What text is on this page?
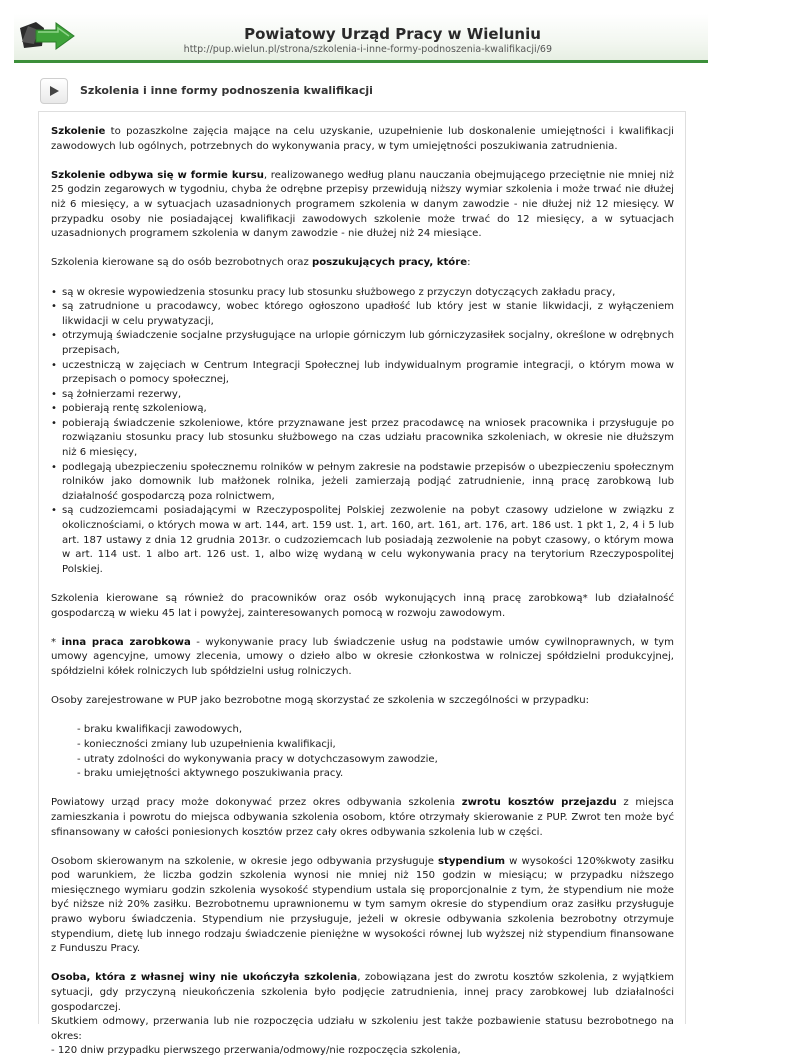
Powiatowy Urząd Pracy w Wieluniu
http://pup.wielun.pl/strona/szkolenia-i-inne-formy-podnoszenia-kwalifikacji/69
Szkolenia i inne formy podnoszenia kwalifikacji

Szkolenie to pozaszkolne zajęcia mające na celu uzyskanie, uzupełnienie lub doskonalenie umiejętności i kwalifikacji zawodowych lub ogólnych, potrzebnych do wykonywania pracy, w tym umiejętności poszukiwania zatrudnienia.

Szkolenie odbywa się w formie kursu, realizowanego według planu nauczania obejmującego przeciętnie nie mniej niż 25 godzin zegarowych w tygodniu, chyba że odrębne przepisy przewidują niższy wymiar szkolenia i może trwać nie dłużej niż 6 miesięcy, a w sytuacjach uzasadnionych programem szkolenia w danym zawodzie - nie dłużej niż 12 miesięcy. W przypadku osoby nie posiadającej kwalifikacji zawodowych szkolenie może trwać do 12 miesięcy, a w sytuacjach uzasadnionych programem szkolenia w danym zawodzie - nie dłużej niż 24 miesiące.

Szkolenia kierowane są do osób bezrobotnych oraz poszukujących pracy, które:

• są w okresie wypowiedzenia stosunku pracy lub stosunku służbowego z przyczyn dotyczących zakładu pracy,
• są zatrudnione u pracodawcy, wobec którego ogłoszono upadłość lub który jest w stanie likwidacji, z wyłączeniem likwidacji w celu prywatyzacji,
• otrzymują świadczenie socjalne przysługujące na urlopie górniczym lub górniczyzasiłek socjalny, określone w odrębnych przepisach,
• uczestniczą w zajęciach w Centrum Integracji Społecznej lub indywidualnym programie integracji, o którym mowa w przepisach o pomocy społecznej,
• są żołnierzami rezerwy,
• pobierają rentę szkoleniową,
• pobierają świadczenie szkoleniowe, które przyznawane jest przez pracodawcę na wniosek pracownika i przysługuje po rozwiązaniu stosunku pracy lub stosunku służbowego na czas udziału pracownika szkoleniach, w okresie nie dłuższym niż 6 miesięcy,
• podlegają ubezpieczeniu społecznemu rolników w pełnym zakresie na podstawie przepisów o ubezpieczeniu społecznym rolników jako domownik lub małżonek rolnika, jeżeli zamierzają podjąć zatrudnienie, inną pracę zarobkową lub działalność gospodarczą poza rolnictwem,
• są cudzoziemcami posiadającymi w Rzeczypospolitej Polskiej zezwolenie na pobyt czasowy udzielone w związku z okolicznościami, o których mowa w art. 144, art. 159 ust. 1, art. 160, art. 161, art. 176, art. 186 ust. 1 pkt 1, 2, 4 i 5 lub art. 187 ustawy z dnia 12 grudnia 2013r. o cudzoziemcach lub posiadają zezwolenie na pobyt czasowy, o którym mowa w art. 114 ust. 1 albo art. 126 ust. 1, albo wizę wydaną w celu wykonywania pracy na terytorium Rzeczypospolitej Polskiej.

Szkolenia kierowane są również do pracowników oraz osób wykonujących inną pracę zarobkową* lub działalność gospodarczą w wieku 45 lat i powyżej, zainteresowanych pomocą w rozwoju zawodowym.

* inna praca zarobkowa - wykonywanie pracy lub świadczenie usług na podstawie umów cywilnoprawnych, w tym umowy agencyjne, umowy zlecenia, umowy o dzieło albo w okresie członkostwa w rolniczej spółdzielni produkcyjnej, spółdzielni kółek rolniczych lub spółdzielni usług rolniczych.

Osoby zarejestrowane w PUP jako bezrobotne mogą skorzystać ze szkolenia w szczególności w przypadku:

- braku kwalifikacji zawodowych,
- konieczności zmiany lub uzupełnienia kwalifikacji,
- utraty zdolności do wykonywania pracy w dotychczasowym zawodzie,
- braku umiejętności aktywnego poszukiwania pracy.

Powiatowy urząd pracy może dokonywać przez okres odbywania szkolenia zwrotu kosztów przejazdu z miejsca zamieszkania i powrotu do miejsca odbywania szkolenia osobom, które otrzymały skierowanie z PUP. Zwrot ten może być sfinansowany w całości poniesionych kosztów przez cały okres odbywania szkolenia lub w części.

Osobom skierowanym na szkolenie, w okresie jego odbywania przysługuje stypendium w wysokości 120%kwoty zasiłku pod warunkiem, że liczba godzin szkolenia wynosi nie mniej niż 150 godzin w miesiącu; w przypadku niższego miesięcznego wymiaru godzin szkolenia wysokość stypendium ustala się proporcjonalnie z tym, że stypendium nie może być niższe niż 20% zasiłku. Bezrobotnemu uprawnionemu w tym samym okresie do stypendium oraz zasiłku przysługuje prawo wyboru świadczenia. Stypendium nie przysługuje, jeżeli w okresie odbywania szkolenia bezrobotny otrzymuje stypendium, dietę lub innego rodzaju świadczenie pieniężne w wysokości równej lub wyższej niż stypendium finansowane z Funduszu Pracy.

Osoba, która z własnej winy nie ukończyła szkolenia, zobowiązana jest do zwrotu kosztów szkolenia, z wyjątkiem sytuacji, gdy przyczyną nieukończenia szkolenia było podjęcie zatrudnienia, innej pracy zarobkowej lub działalności gospodarczej.

Skutkiem odmowy, przerwania lub nie rozpoczęcia udziału w szkoleniu jest także pozbawienie statusu bezrobotnego na okres:

- 120 dniw przypadku pierwszego przerwania/odmowy/nie rozpoczęcia szkolenia,
